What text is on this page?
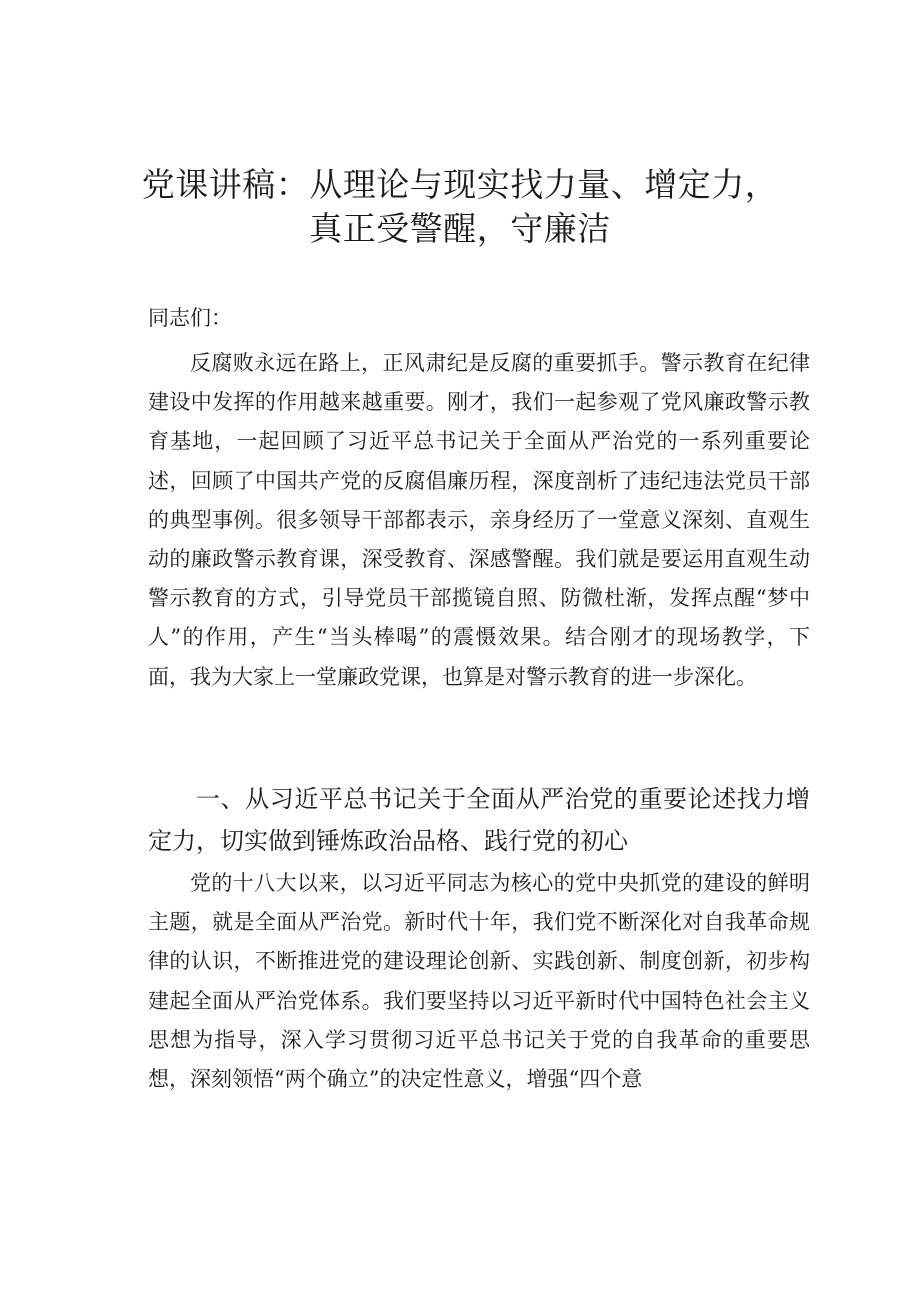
党课讲稿：从理论与现实找力量、增定力，
真正受警醒，守廉洁

同志们：

反腐败永远在路上，正风肃纪是反腐的重要抓手。警示教育在纪律建设中发挥的作用越来越重要。刚才，我们一起参观了党风廉政警示教育基地，一起回顾了习近平总书记关于全面从严治党的一系列重要论述，回顾了中国共产党的反腐倡廉历程，深度剖析了违纪违法党员干部的典型事例。很多领导干部都表示，亲身经历了一堂意义深刻、直观生动的廉政警示教育课，深受教育、深感警醒。我们就是要运用直观生动警示教育的方式，引导党员干部揽镜自照、防微杜渐，发挥点醒“梦中人”的作用，产生“当头棒喝”的震慑效果。结合刚才的现场教学，下面，我为大家上一堂廉政党课，也算是对警示教育的进一步深化。

一、从习近平总书记关于全面从严治党的重要论述找力增定力，切实做到锤炼政治品格、践行党的初心

党的十八大以来，以习近平同志为核心的党中央抓党的建设的鲜明主题，就是全面从严治党。新时代十年，我们党不断深化对自我革命规律的认识，不断推进党的建设理论创新、实践创新、制度创新，初步构建起全面从严治党体系。我们要坚持以习近平新时代中国特色社会主义思想为指导，深入学习贯彻习近平总书记关于党的自我革命的重要思想，深刻领悟“两个确立”的决定性意义，增强“四个意
